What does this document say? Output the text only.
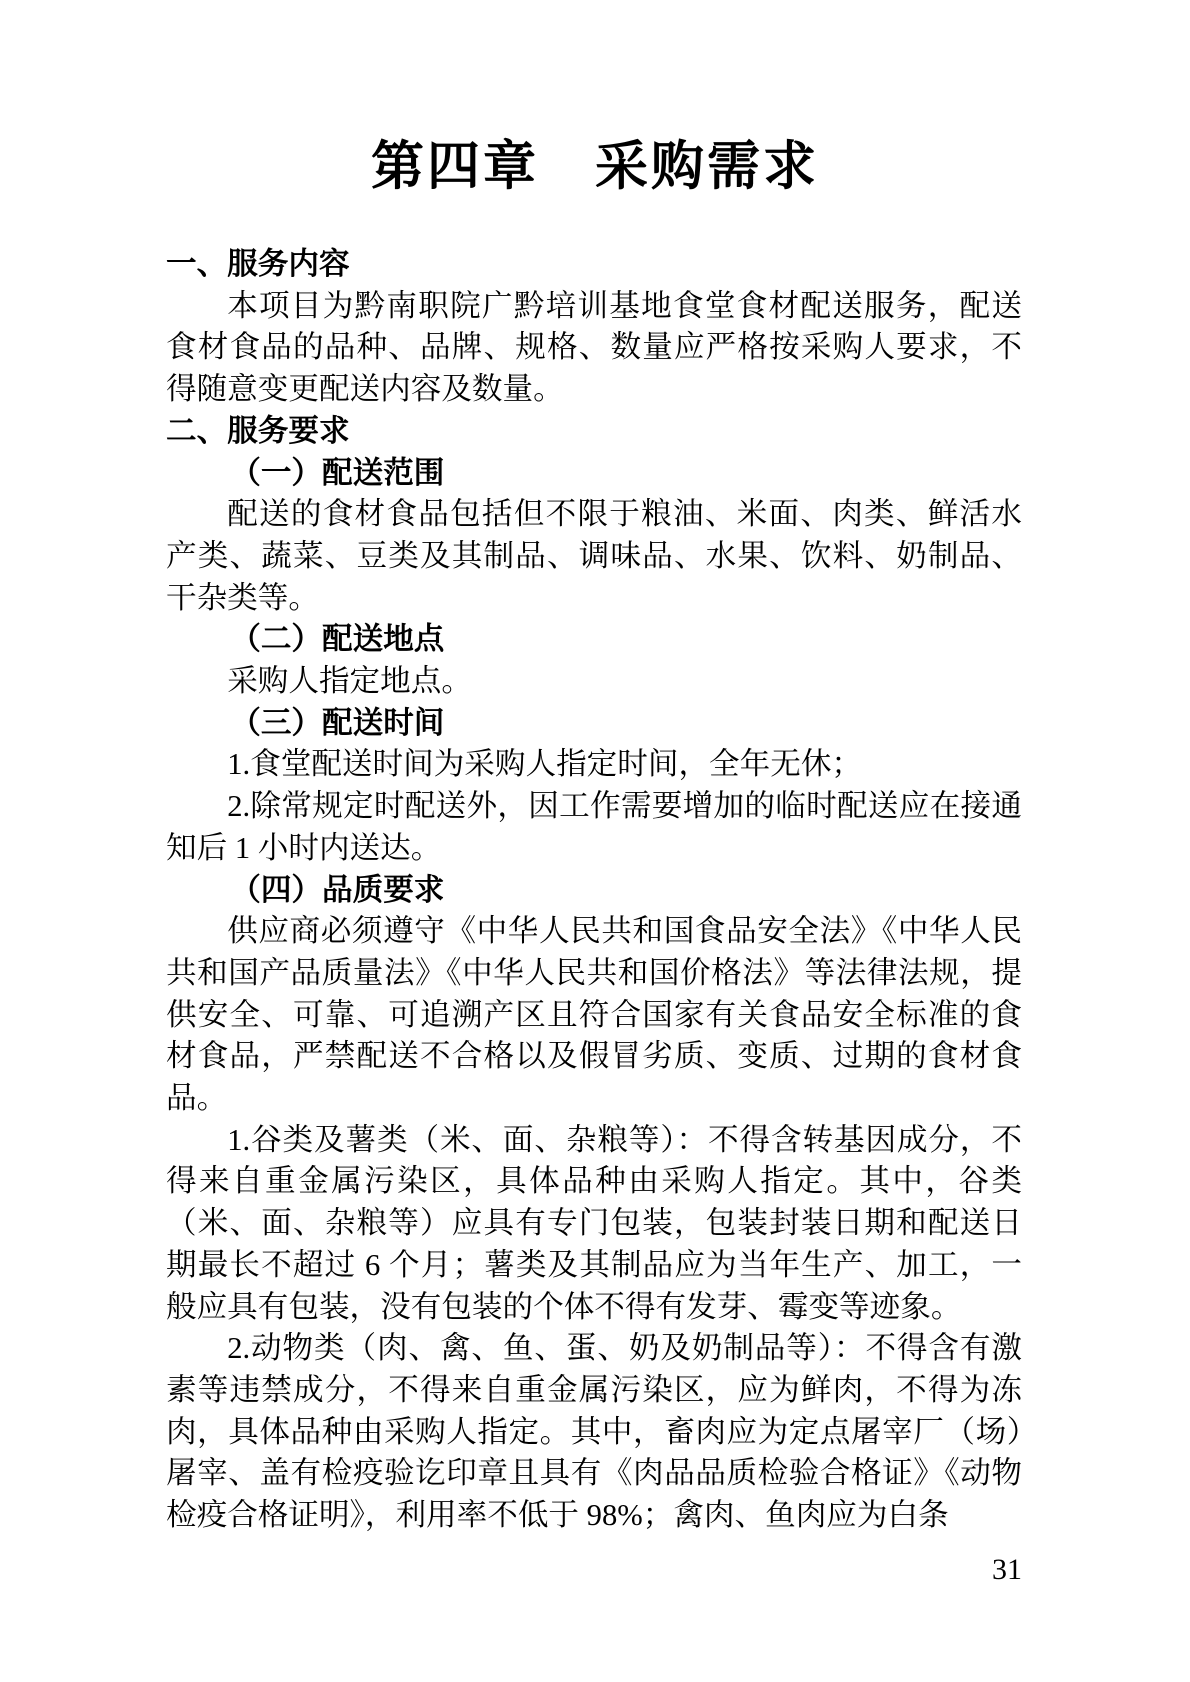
第四章　采购需求

一、服务内容

本项目为黔南职院广黔培训基地食堂食材配送服务，配送食材食品的品种、品牌、规格、数量应严格按采购人要求，不得随意变更配送内容及数量。

二、服务要求

（一）配送范围

配送的食材食品包括但不限于粮油、米面、肉类、鲜活水产类、蔬菜、豆类及其制品、调味品、水果、饮料、奶制品、干杂类等。

（二）配送地点

采购人指定地点。

（三）配送时间

1.食堂配送时间为采购人指定时间，全年无休；

2.除常规定时配送外，因工作需要增加的临时配送应在接通知后 1 小时内送达。

（四）品质要求

供应商必须遵守《中华人民共和国食品安全法》《中华人民共和国产品质量法》《中华人民共和国价格法》等法律法规，提供安全、可靠、可追溯产区且符合国家有关食品安全标准的食材食品，严禁配送不合格以及假冒劣质、变质、过期的食材食品。

1.谷类及薯类（米、面、杂粮等）：不得含转基因成分，不得来自重金属污染区，具体品种由采购人指定。其中，谷类（米、面、杂粮等）应具有专门包装，包装封装日期和配送日期最长不超过 6 个月；薯类及其制品应为当年生产、加工，一般应具有包装，没有包装的个体不得有发芽、霉变等迹象。

2.动物类（肉、禽、鱼、蛋、奶及奶制品等）：不得含有激素等违禁成分，不得来自重金属污染区，应为鲜肉，不得为冻肉，具体品种由采购人指定。其中，畜肉应为定点屠宰厂（场）屠宰、盖有检疫验讫印章且具有《肉品品质检验合格证》《动物检疫合格证明》，利用率不低于 98%；禽肉、鱼肉应为白条

31
